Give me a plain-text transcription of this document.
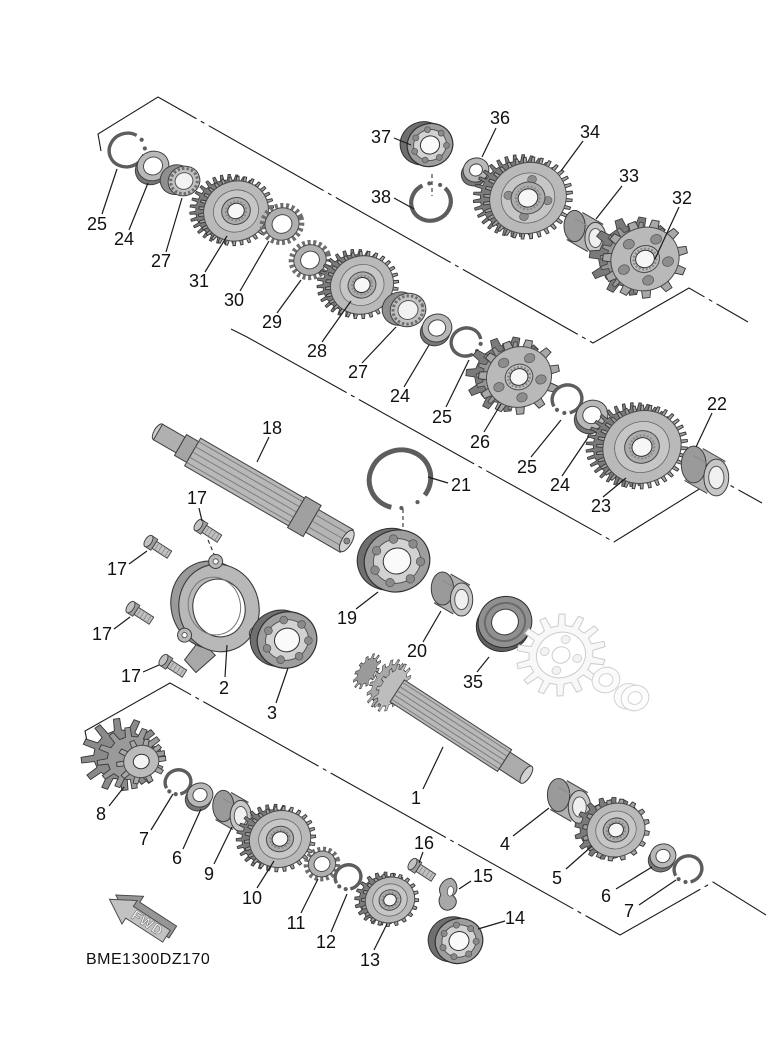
FWD
25
24
27
31
30
29
28
27
24
25
26
25
24
23
22
37
38
36
34
33
32
18
17
17
17
17
2
3
21
19
20
35
1
8
7
6
9
10
11
12
13
16
15
14
4
5
6
7
BME1300DZ170
